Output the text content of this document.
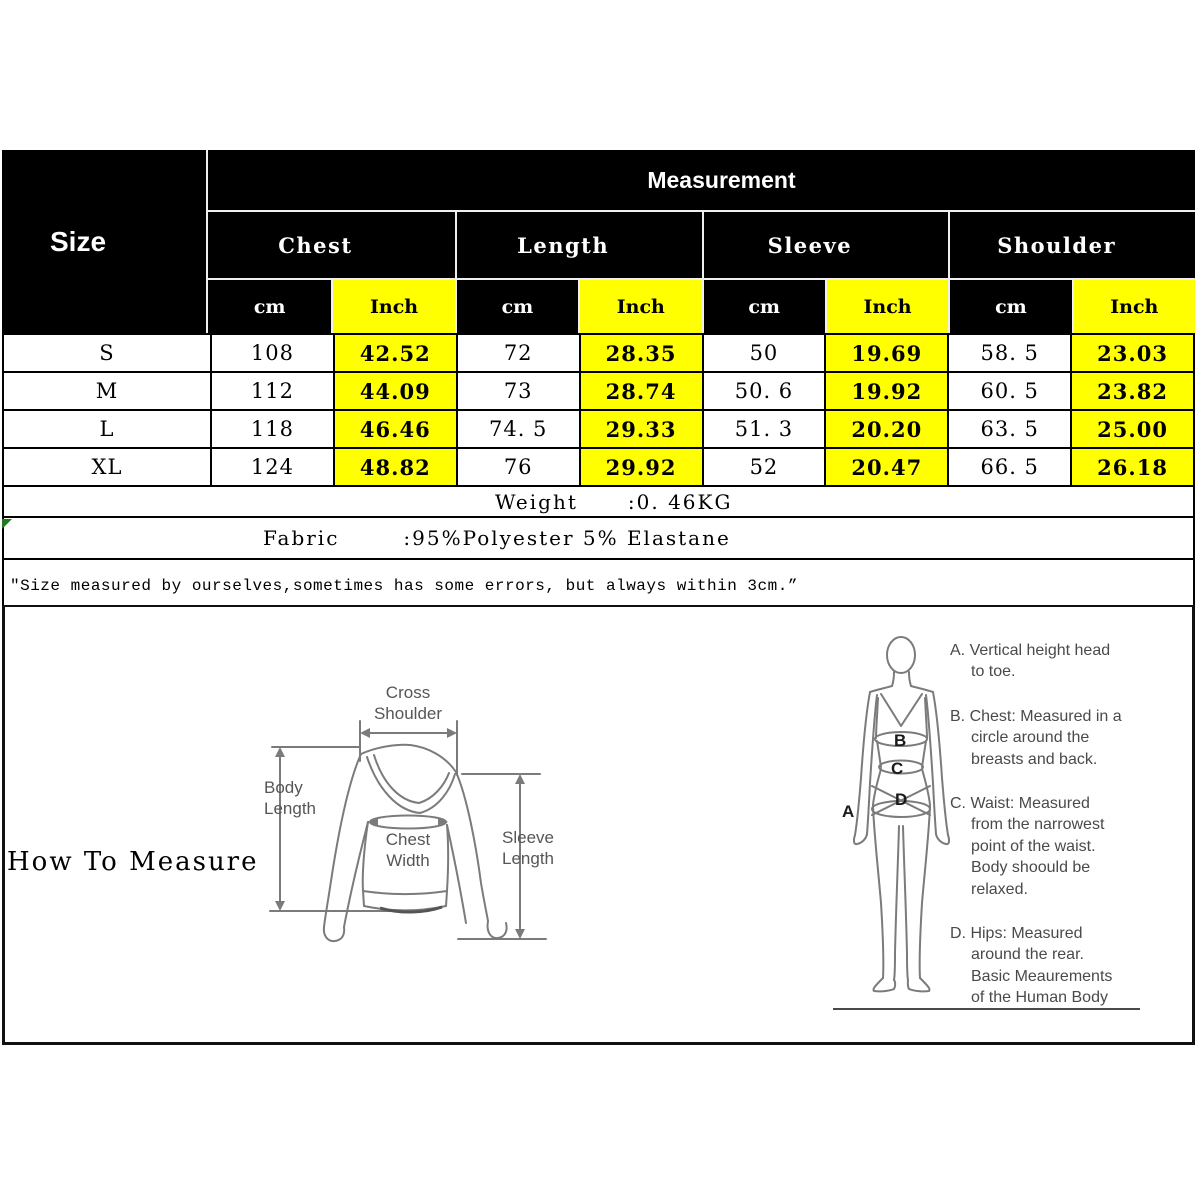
Size
Measurement
Chest	Length	Sleeve	Shoulder
cm	Inch	cm	Inch	cm	Inch	cm	Inch
S	108	42.52	72	28.35	50	19.69	58. 5	23.03
M	112	44.09	73	28.74	50. 6	19.92	60. 5	23.82
L	118	46.46	74. 5	29.33	51. 3	20.20	63. 5	25.00
XL	124	48.82	76	29.92	52	20.47	66. 5	26.18
Weight	:0. 46KG
Fabric	:95%Polyester 5% Elastane
″Size measured by ourselves,sometimes has some errors, but always within 3cm.”
How To Measure
Cross
Shoulder
Body
Length
Chest
Width
Sleeve
Length
A
B
C
D
A. Vertical height head
to toe.
B. Chest: Measured in a
circle around the
breasts and back.
C. Waist: Measured
from the narrowest
point of the waist.
Body shoould be
relaxed.
D. Hips: Measured
around the rear.
Basic Meaurements
of the Human Body
